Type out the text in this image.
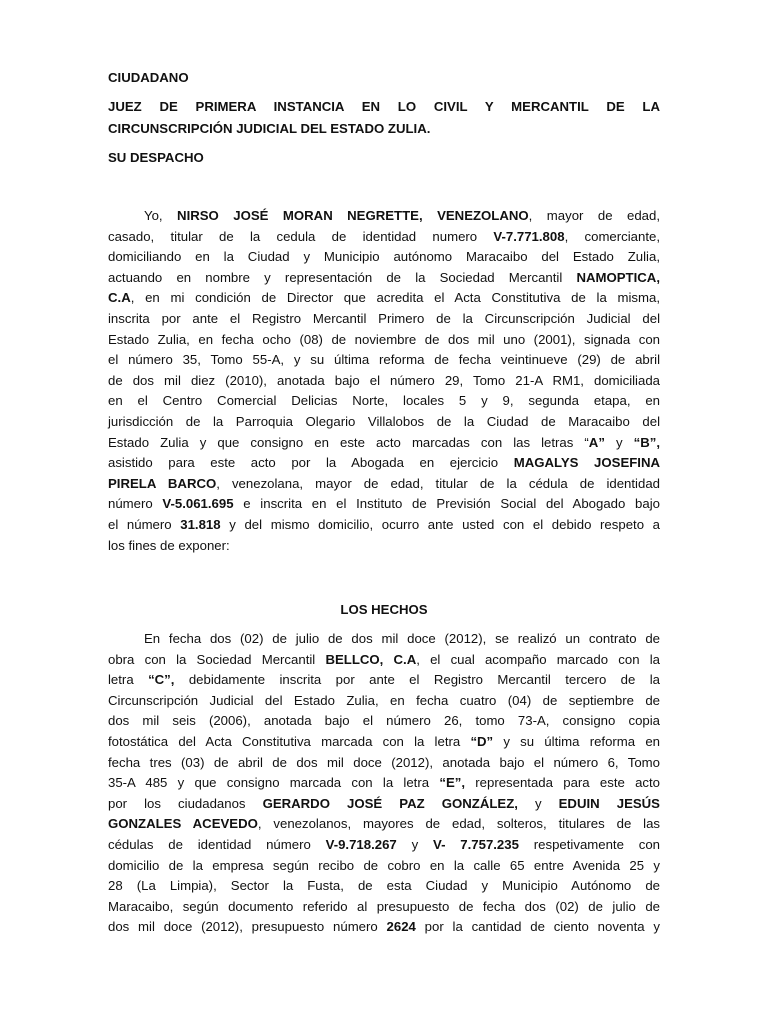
CIUDADANO
JUEZ DE PRIMERA INSTANCIA EN LO CIVIL Y MERCANTIL DE LA
CIRCUNSCRIPCIÓN JUDICIAL DEL ESTADO ZULIA.
SU DESPACHO
Yo, NIRSO JOSÉ MORAN NEGRETTE, VENEZOLANO, mayor de edad,
casado, titular de la cedula de identidad numero V-7.771.808, comerciante,
domiciliando en la Ciudad y Municipio autónomo Maracaibo del Estado Zulia,
actuando en nombre y representación de la Sociedad Mercantil NAMOPTICA,
C.A, en mi condición de Director que acredita el Acta Constitutiva de la misma,
inscrita por ante el Registro Mercantil Primero de la Circunscripción Judicial del
Estado Zulia, en fecha ocho (08) de noviembre de dos mil uno (2001), signada con
el número 35, Tomo 55-A, y su última reforma de fecha veintinueve (29) de abril
de dos mil diez (2010), anotada bajo el número 29, Tomo 21-A RM1, domiciliada
en el Centro Comercial Delicias Norte, locales 5 y 9, segunda etapa, en
jurisdicción de la Parroquia Olegario Villalobos de la Ciudad de Maracaibo del
Estado Zulia y que consigno en este acto marcadas con las letras “A” y “B”,
asistido para este acto por la Abogada en ejercicio MAGALYS JOSEFINA
PIRELA BARCO, venezolana, mayor de edad, titular de la cédula de identidad
número V-5.061.695 e inscrita en el Instituto de Previsión Social del Abogado bajo
el número 31.818 y del mismo domicilio, ocurro ante usted con el debido respeto a
los fines de exponer:
LOS HECHOS
En fecha dos (02) de julio de dos mil doce (2012), se realizó un contrato de
obra con la Sociedad Mercantil BELLCO, C.A, el cual acompaño marcado con la
letra “C”, debidamente inscrita por ante el Registro Mercantil tercero de la
Circunscripción Judicial del Estado Zulia, en fecha cuatro (04) de septiembre de
dos mil seis (2006), anotada bajo el número 26, tomo 73-A, consigno copia
fotostática del Acta Constitutiva marcada con la letra “D” y su última reforma en
fecha tres (03) de abril de dos mil doce (2012), anotada bajo el número 6, Tomo
35-A 485 y que consigno marcada con la letra “E”, representada para este acto
por los ciudadanos GERARDO JOSÉ PAZ GONZÁLEZ, y EDUIN JESÚS
GONZALES ACEVEDO, venezolanos, mayores de edad, solteros, titulares de las
cédulas de identidad número V-9.718.267 y V- 7.757.235 respetivamente con
domicilio de la empresa según recibo de cobro en la calle 65 entre Avenida 25 y
28 (La Limpia), Sector la Fusta, de esta Ciudad y Municipio Autónomo de
Maracaibo, según documento referido al presupuesto de fecha dos (02) de julio de
dos mil doce (2012), presupuesto número 2624 por la cantidad de ciento noventa y
